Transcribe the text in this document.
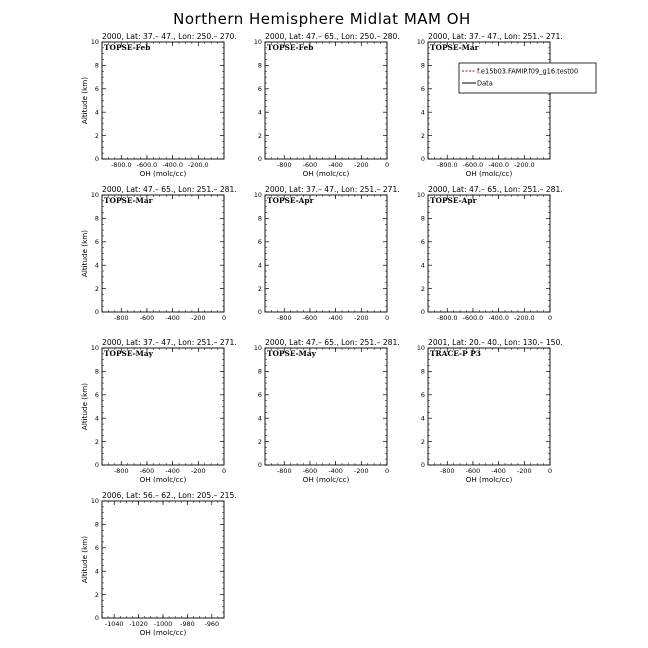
Northern Hemisphere Midlat MAM OH
2000, Lat: 37.– 47., Lon: 250.– 270.
TOPSE-Feb
0
2
4
6
8
10
-800.0 -600.0 -400.0 -200.0
OH (molc/cc)
Altitude (km)
2000, Lat: 47.– 65., Lon: 250.– 280.
TOPSE-Feb
0
2
4
6
8
10
-800 -600 -400 -200	0
OH (molc/cc)
2000, Lat: 37.– 47., Lon: 251.– 271.
TOPSE-Mar
0
2
4
6
8
10
-800.0 -600.0 -400.0 -200.0
OH (molc/cc)
2000, Lat: 47.– 65., Lon: 251.– 281.
TOPSE-Mar
0
2
4
6
8
10
-800 -600 -400 -200	0
Altitude (km)
2000, Lat: 37.– 47., Lon: 251.– 271.
TOPSE-Apr
0
2
4
6
8
10
-800 -600 -400 -200	0
2000, Lat: 47.– 65., Lon: 251.– 281.
TOPSE-Apr
0
2
4
6
8
10
-800.0 -600.0 -400.0 -200.0 0
2000, Lat: 37.– 47., Lon: 251.– 271.
TOPSE-May
0
2
4
6
8
10
-800 -600 -400 -200	0
OH (molc/cc)
Altitude (km)
2000, Lat: 47.– 65., Lon: 251.– 281.
TOPSE-May
0
2
4
6
8
10
-800 -600 -400 -200	0
OH (molc/cc)
2001, Lat: 20.– 40., Lon: 130.– 150.
TRACE-P P3
0
2
4
6
8
10
-800 -600 -400 -200	0
OH (molc/cc)
2006, Lat: 56.– 62., Lon: 205.– 215.
0
2
4
6
8
10
-1040 -1020 -1000 -980 -960
OH (molc/cc)
Altitude (km)
f.e15b03.FAMIP.f09_g16.test00
Data
